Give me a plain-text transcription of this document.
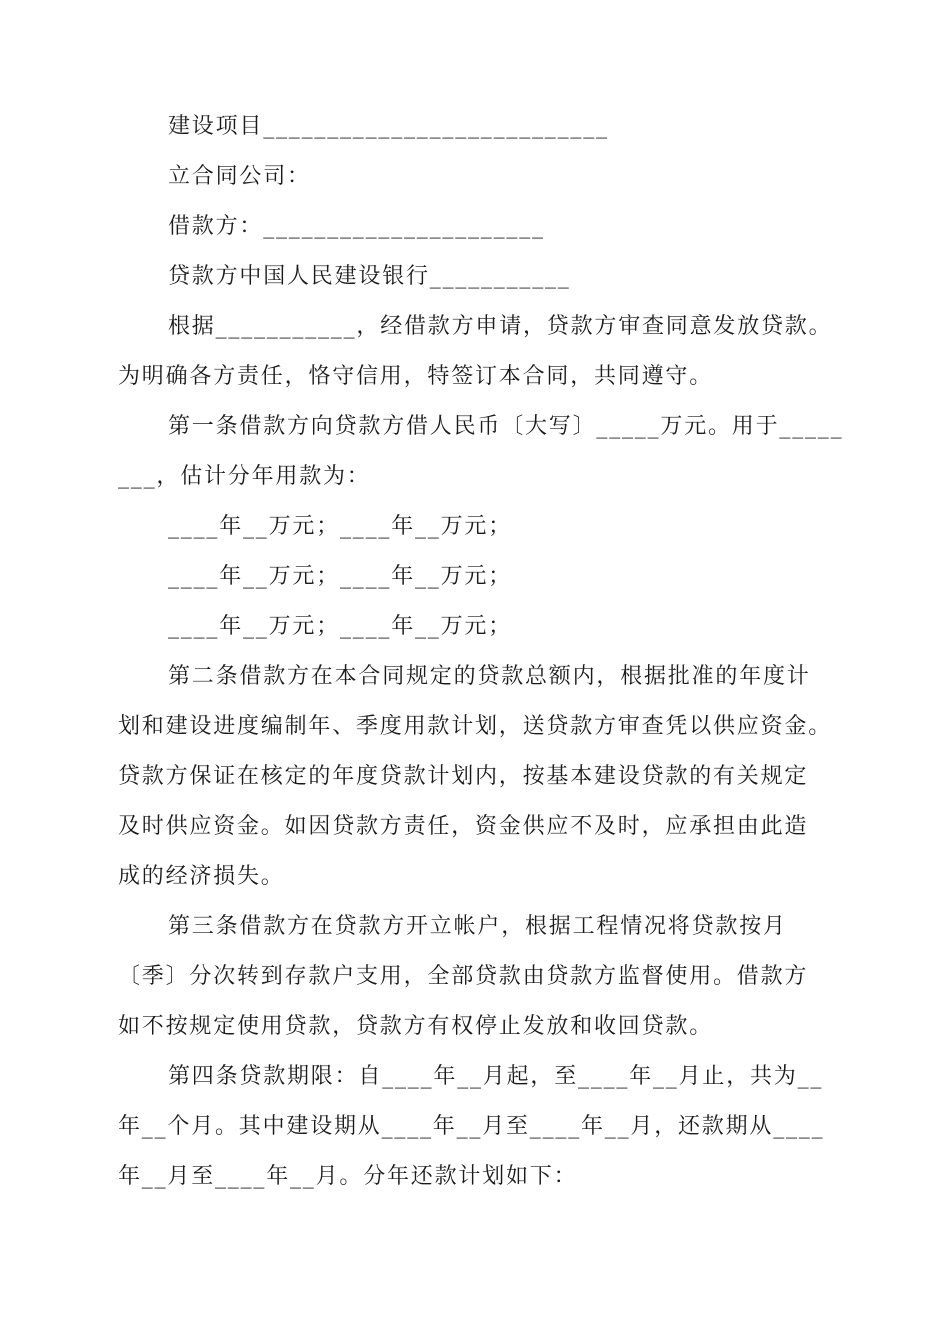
建设项目___________________________
立合同公司：
借款方：______________________
贷款方中国人民建设银行___________
根据___________，经借款方申请，贷款方审查同意发放贷款。
为明确各方责任，恪守信用，特签订本合同，共同遵守。
第一条借款方向贷款方借人民币〔大写〕_____万元。用于_____
___，估计分年用款为：
____年__万元；____年__万元；
____年__万元；____年__万元；
____年__万元；____年__万元；
第二条借款方在本合同规定的贷款总额内，根据批准的年度计
划和建设进度编制年、季度用款计划，送贷款方审查凭以供应资金。
贷款方保证在核定的年度贷款计划内，按基本建设贷款的有关规定
及时供应资金。如因贷款方责任，资金供应不及时，应承担由此造
成的经济损失。
第三条借款方在贷款方开立帐户，根据工程情况将贷款按月
〔季〕分次转到存款户支用，全部贷款由贷款方监督使用。借款方
如不按规定使用贷款，贷款方有权停止发放和收回贷款。
第四条贷款期限：自____年__月起，至____年__月止，共为__
年__个月。其中建设期从____年__月至____年__月，还款期从____
年__月至____年__月。分年还款计划如下：
